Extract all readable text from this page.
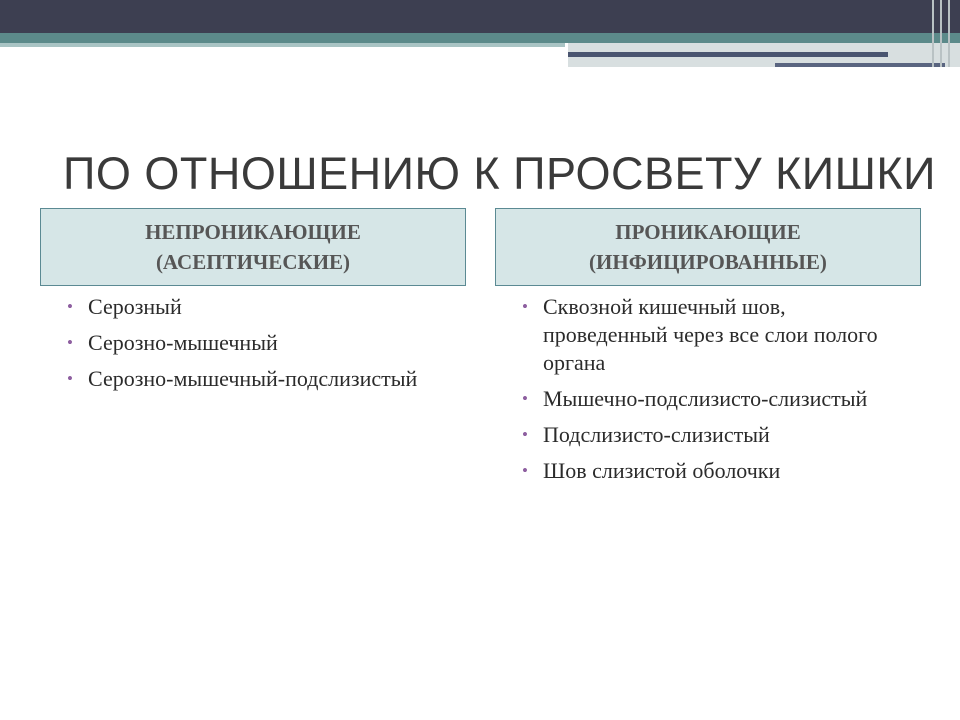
ПО ОТНОШЕНИЮ К ПРОСВЕТУ КИШКИ
НЕПРОНИКАЮЩИЕ
(АСЕПТИЧЕСКИЕ)
ПРОНИКАЮЩИЕ
(ИНФИЦИРОВАННЫЕ)
• Серозный
• Серозно-мышечный
• Серозно-мышечный-подслизистый
• Сквозной кишечный шов, проведенный через все слои полого органа
• Мышечно-подслизисто-слизистый
• Подслизисто-слизистый
• Шов слизистой оболочки
